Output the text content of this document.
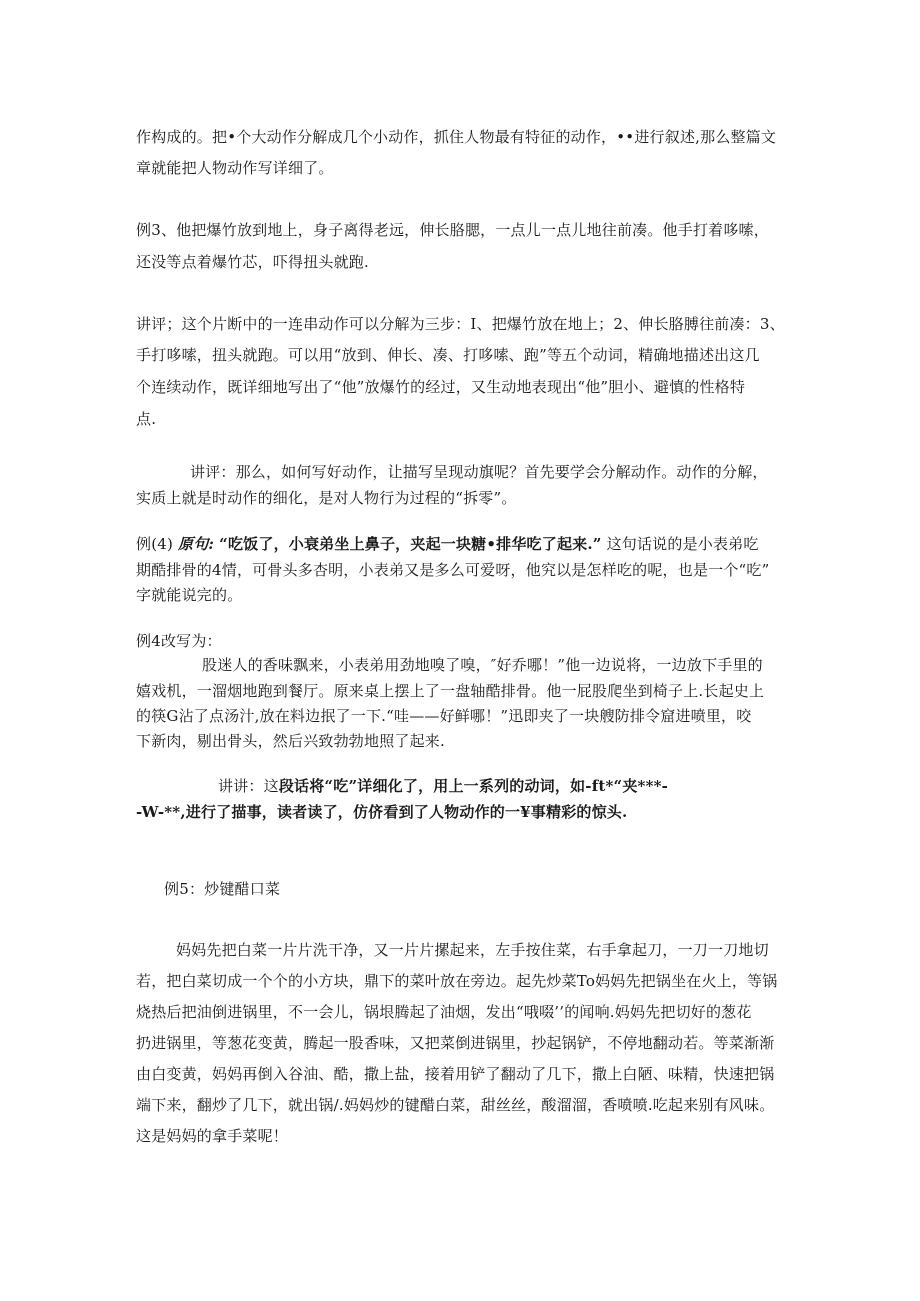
作构成的。把•个大动作分解成几个小动作，抓住人物最有特征的动作，••进行叙述,那么整篇文
章就能把人物动作写详细了。
例3、他把爆竹放到地上，身子离得老远，伸长胳腮，一点儿一点儿地往前凑。他手打着哆嗦，
还没等点着爆竹芯，吓得扭头就跑.
讲评；这个片断中的一连串动作可以分解为三步：I、把爆竹放在地上；2、伸长胳膊往前凑：3、
手打哆嗦，扭头就跑。可以用“放到、伸长、凑、打哆嗦、跑”等五个动词，精确地描述出这几
个连续动作，既详细地写出了“他”放爆竹的经过，又生动地表现出“他”胆小、避慎的性格特
点.
讲评：那么，如何写好动作，让描写呈现动旗呢？首先要学会分解动作。动作的分解，
实质上就是时动作的细化，是对人物行为过程的“拆零”。
例(4) 原句: “吃饭了，小衰弟坐上鼻子，夹起一块糖•排华吃了起来.” 这句话说的是小表弟吃
期酷排骨的4情，可骨头多杏明，小表弟又是多么可爱呀，他究以是怎样吃的呢，也是一个“吃”
字就能说完的。
例4改写为：
股迷人的香味飘来，小表弟用劲地嗅了嗅，″好乔哪！”他一边说将，一边放下手里的
嬉戏机，一溜烟地跑到餐厅。原来桌上摆上了一盘轴酷排骨。他一屁股爬坐到椅子上.长起史上
的筷G沾了点汤汁,放在料边抿了一下.“哇——好鲜哪！”迅即夹了一块艘防排令窟进喷里，咬
下新肉，剔出骨头，然后兴致勃勃地照了起来.
讲讲：这段话将“吃”详细化了，用上一系列的动词，如-ft*“夹***-
-W-**,进行了描事，读者读了，仿侪看到了人物动作的一¥事精彩的惊头.
例5：炒键醋口菜
妈妈先把白菜一片片洗干净，又一片片摞起来，左手按住菜，右手拿起刀，一刀一刀地切
若，把白菜切成一个个的小方块，鼎下的菜叶放在旁边。起先炒菜To妈妈先把锅坐在火上，等锅
烧热后把油倒进锅里，不一会儿，锅垠腾起了油烟，发出“哦啜’’的闻响.妈妈先把切好的葱花
扔进锅里，等葱花变黄，腾起一股香味，又把菜倒进锅里，抄起锅铲，不停地翻动若。等菜渐渐
由白变黄，妈妈再倒入谷油、酷，撒上盐，接着用铲了翻动了几下，撒上白陋、味精，快速把锅
端下来，翻炒了几下，就出锅/.妈妈炒的键醋白菜，甜丝丝，酸溜溜，香喷喷.吃起来别有风味。
这是妈妈的拿手菜呢！
